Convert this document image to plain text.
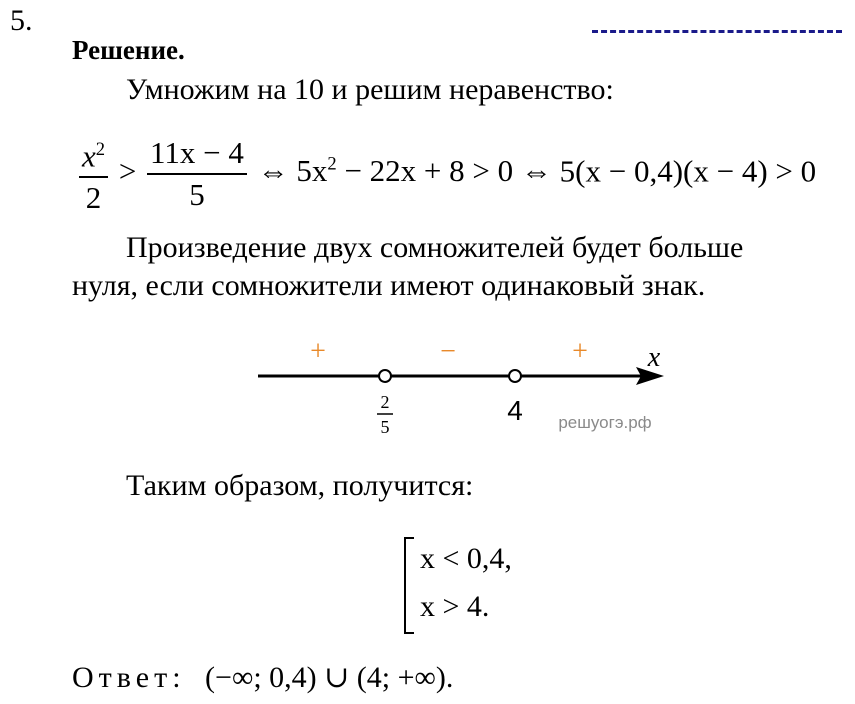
5.
Решение.
Умножим на 10 и решим неравенство:
$\frac{x^2}{2} > \frac{11x - 4}{5}$ ⇔ $5x^2 - 22x + 8 > 0$ ⇔ 5(x − 0,4)(x − 4) > 0
Произведение двух сомножителей будет больше
нуля, если сомножители имеют одинаковый знак.
+	−	+ x
2
5
4 решуогэ.рф
Таким образом, получится:
x < 0,4,
x > 4.
Ответ: (−∞; 0,4) ∪ (4; +∞).
